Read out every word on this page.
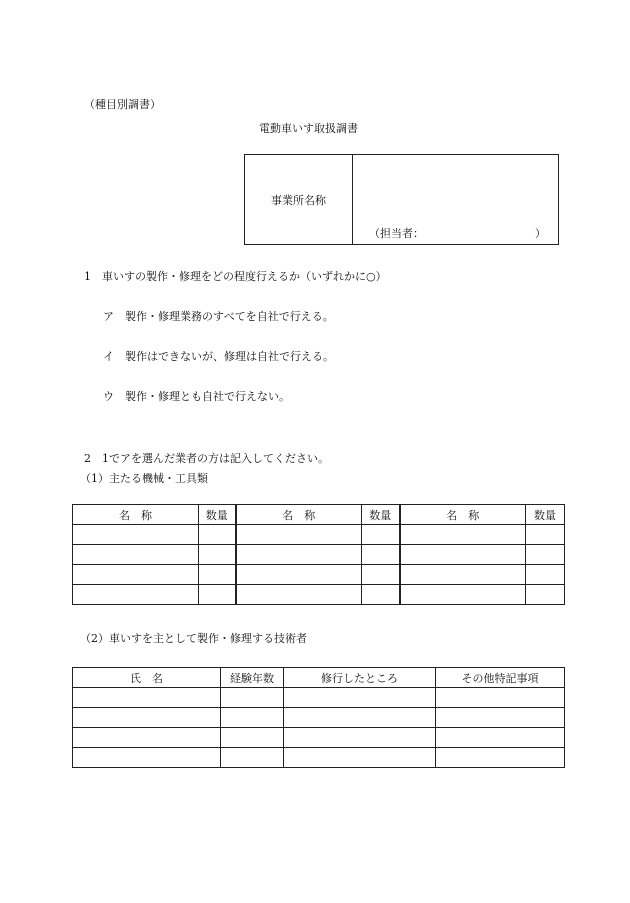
（種目別調書）
電動車いす取扱調書
事業所名称
（担当者：	）
1　車いすの製作・修理をどの程度行えるか（いずれかに○）
ア　製作・修理業務のすべてを自社で行える。
イ　製作はできないが、修理は自社で行える。
ウ　製作・修理とも自社で行えない。
2　1でアを選んだ業者の方は記入してください。
（1）主たる機械・工具類
名　称	数量	名　称	数量	名　称	数量

（2）車いすを主として製作・修理する技術者
氏　名	経験年数	修行したところ	その他特記事項
